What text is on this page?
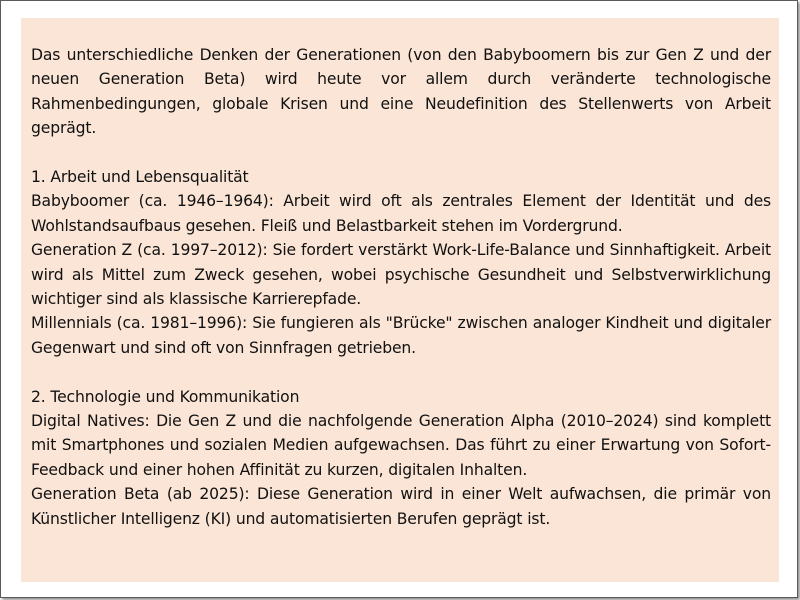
Das unterschiedliche Denken der Generationen (von den Babyboomern bis zur Gen Z und der neuen Generation Beta) wird heute vor allem durch veränderte technologische Rahmenbedingungen, globale Krisen und eine Neudefinition des Stellenwerts von Arbeit geprägt.

1. Arbeit und Lebensqualität

Babyboomer (ca. 1946–1964): Arbeit wird oft als zentrales Element der Identität und des Wohlstandsaufbaus gesehen. Fleiß und Belastbarkeit stehen im Vordergrund.

Generation Z (ca. 1997–2012): Sie fordert verstärkt Work-Life-Balance und Sinnhaftigkeit. Arbeit wird als Mittel zum Zweck gesehen, wobei psychische Gesundheit und Selbstverwirklichung wichtiger sind als klassische Karrierepfade.

Millennials (ca. 1981–1996): Sie fungieren als "Brücke" zwischen analoger Kindheit und digitaler Gegenwart und sind oft von Sinnfragen getrieben.

2. Technologie und Kommunikation

Digital Natives: Die Gen Z und die nachfolgende Generation Alpha (2010–2024) sind komplett mit Smartphones und sozialen Medien aufgewachsen. Das führt zu einer Erwartung von Sofort-Feedback und einer hohen Affinität zu kurzen, digitalen Inhalten.

Generation Beta (ab 2025): Diese Generation wird in einer Welt aufwachsen, die primär von Künstlicher Intelligenz (KI) und automatisierten Berufen geprägt ist.
